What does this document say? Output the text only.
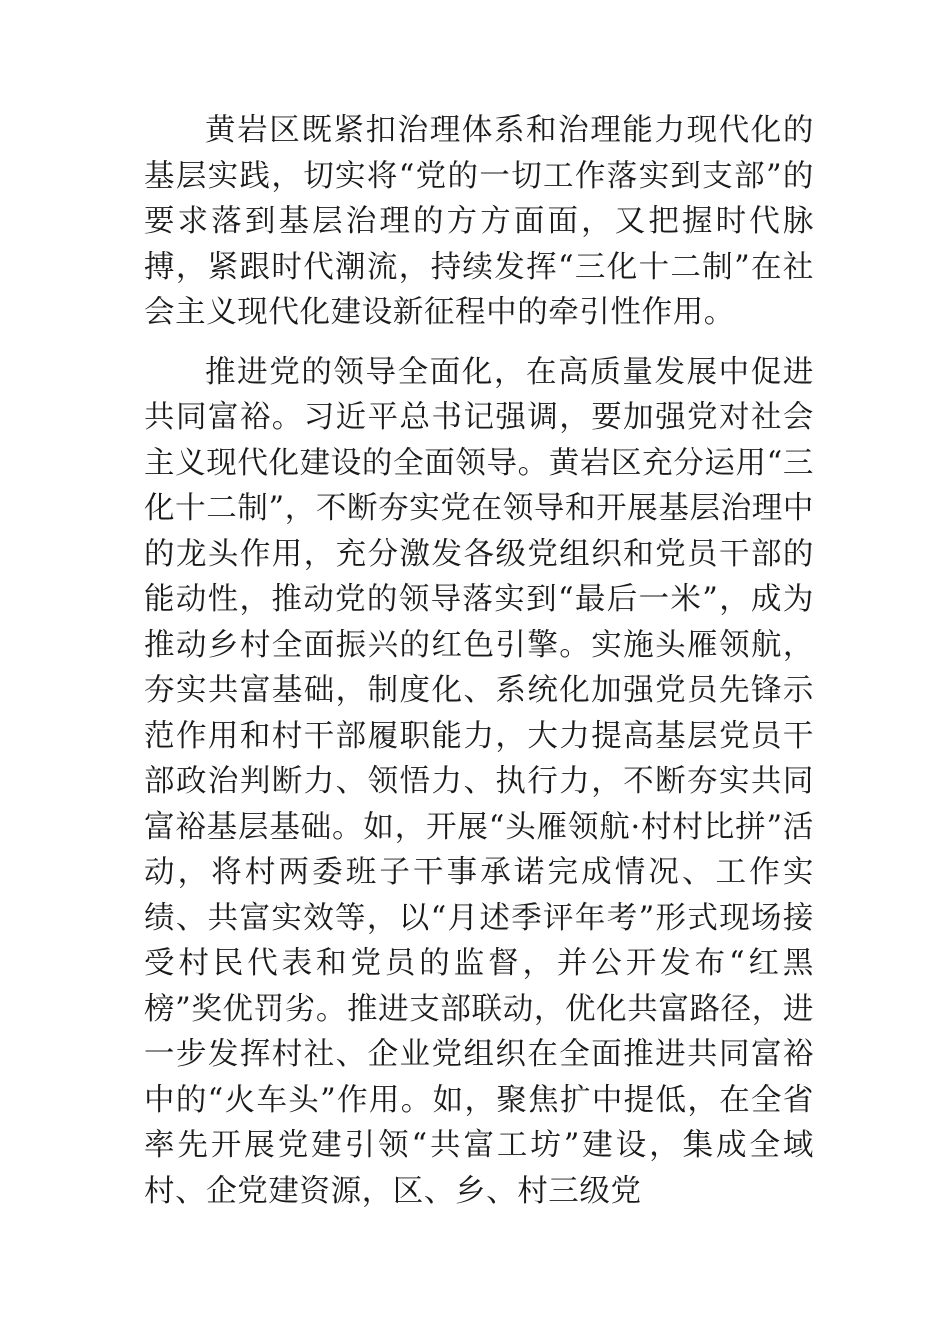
黄岩区既紧扣治理体系和治理能力现代化的基层实践，切实将“党的一切工作落实到支部”的要求落到基层治理的方方面面，又把握时代脉搏，紧跟时代潮流，持续发挥“三化十二制”在社会主义现代化建设新征程中的牵引性作用。

推进党的领导全面化，在高质量发展中促进共同富裕。习近平总书记强调，要加强党对社会主义现代化建设的全面领导。黄岩区充分运用“三化十二制”，不断夯实党在领导和开展基层治理中的龙头作用，充分激发各级党组织和党员干部的能动性，推动党的领导落实到“最后一米”，成为推动乡村全面振兴的红色引擎。实施头雁领航，夯实共富基础，制度化、系统化加强党员先锋示范作用和村干部履职能力，大力提高基层党员干部政治判断力、领悟力、执行力，不断夯实共同富裕基层基础。如，开展“头雁领航·村村比拼”活动，将村两委班子干事承诺完成情况、工作实绩、共富实效等，以“月述季评年考”形式现场接受村民代表和党员的监督，并公开发布“红黑榜”奖优罚劣。推进支部联动，优化共富路径，进一步发挥村社、企业党组织在全面推进共同富裕中的“火车头”作用。如，聚焦扩中提低，在全省率先开展党建引领“共富工坊”建设，集成全域村、企党建资源，区、乡、村三级党
